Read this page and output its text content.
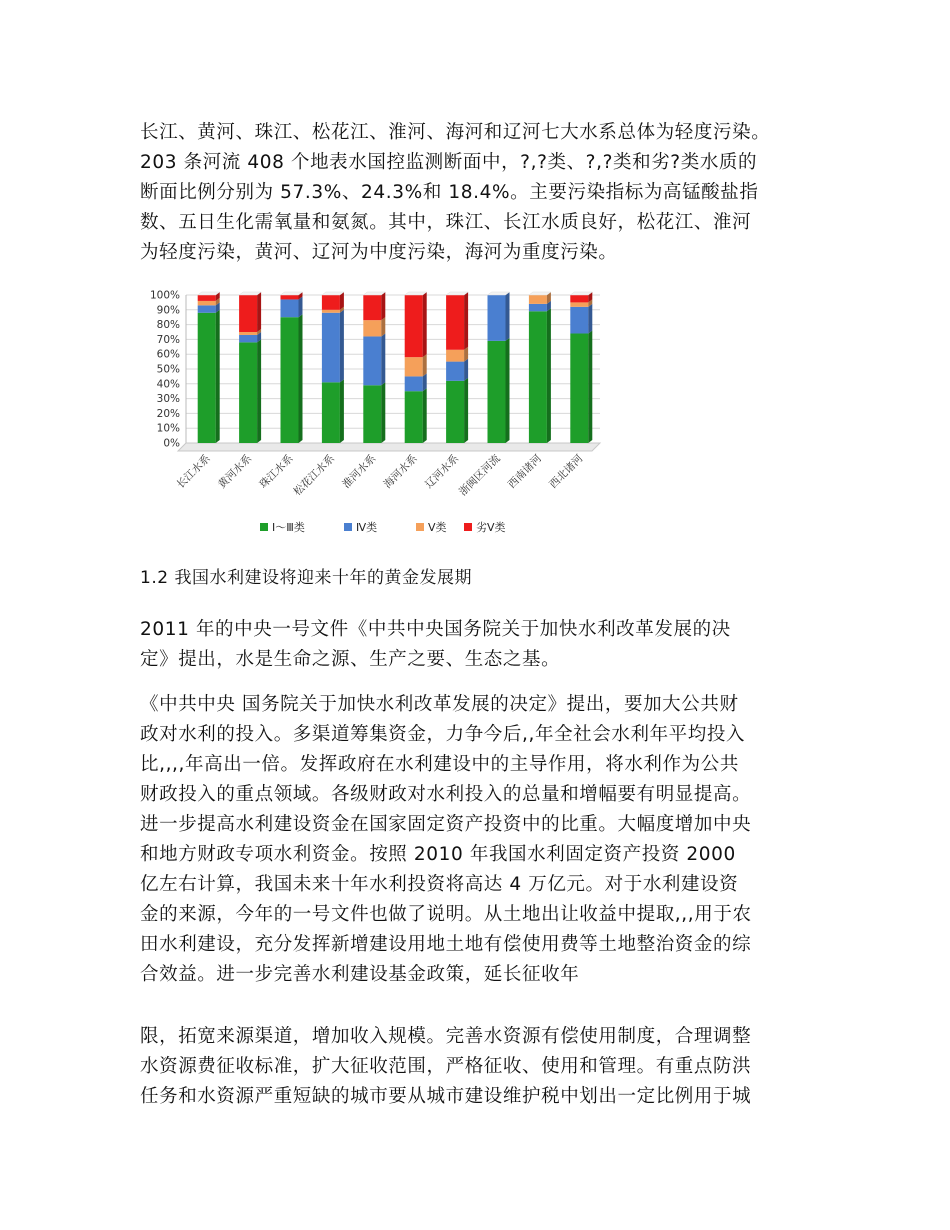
长江、黄河、珠江、松花江、淮河、海河和辽河七大水系总体为轻度污染。
203 条河流 408 个地表水国控监测断面中，?,?类、?,?类和劣?类水质的
断面比例分别为 57.3%、24.3%和 18.4%。主要污染指标为高锰酸盐指
数、五日生化需氧量和氨氮。其中，珠江、长江水质良好，松花江、淮河
为轻度污染，黄河、辽河为中度污染，海河为重度污染。

0%
10%
20%
30%
40%
50%
60%
70%
80%
90%
100%
长江水系 黄河水系 珠江水系
松花江水系 淮河水系 海河水系 辽河水系
浙闽区河流 西南诸河 西北诸河
Ⅰ～Ⅲ类	Ⅳ类	Ⅴ类	劣Ⅴ类
1.2 我国水利建设将迎来十年的黄金发展期

2011 年的中央一号文件《中共中央国务院关于加快水利改革发展的决
定》提出，水是生命之源、生产之要、生态之基。

《中共中央 国务院关于加快水利改革发展的决定》提出，要加大公共财
政对水利的投入。多渠道筹集资金，力争今后,,年全社会水利年平均投入
比,,,,年高出一倍。发挥政府在水利建设中的主导作用，将水利作为公共
财政投入的重点领域。各级财政对水利投入的总量和增幅要有明显提高。
进一步提高水利建设资金在国家固定资产投资中的比重。大幅度增加中央
和地方财政专项水利资金。按照 2010 年我国水利固定资产投资 2000
亿左右计算，我国未来十年水利投资将高达 4 万亿元。对于水利建设资
金的来源，今年的一号文件也做了说明。从土地出让收益中提取,,,用于农
田水利建设，充分发挥新增建设用地土地有偿使用费等土地整治资金的综
合效益。进一步完善水利建设基金政策，延长征收年

限，拓宽来源渠道，增加收入规模。完善水资源有偿使用制度，合理调整
水资源费征收标准，扩大征收范围，严格征收、使用和管理。有重点防洪
任务和水资源严重短缺的城市要从城市建设维护税中划出一定比例用于城
